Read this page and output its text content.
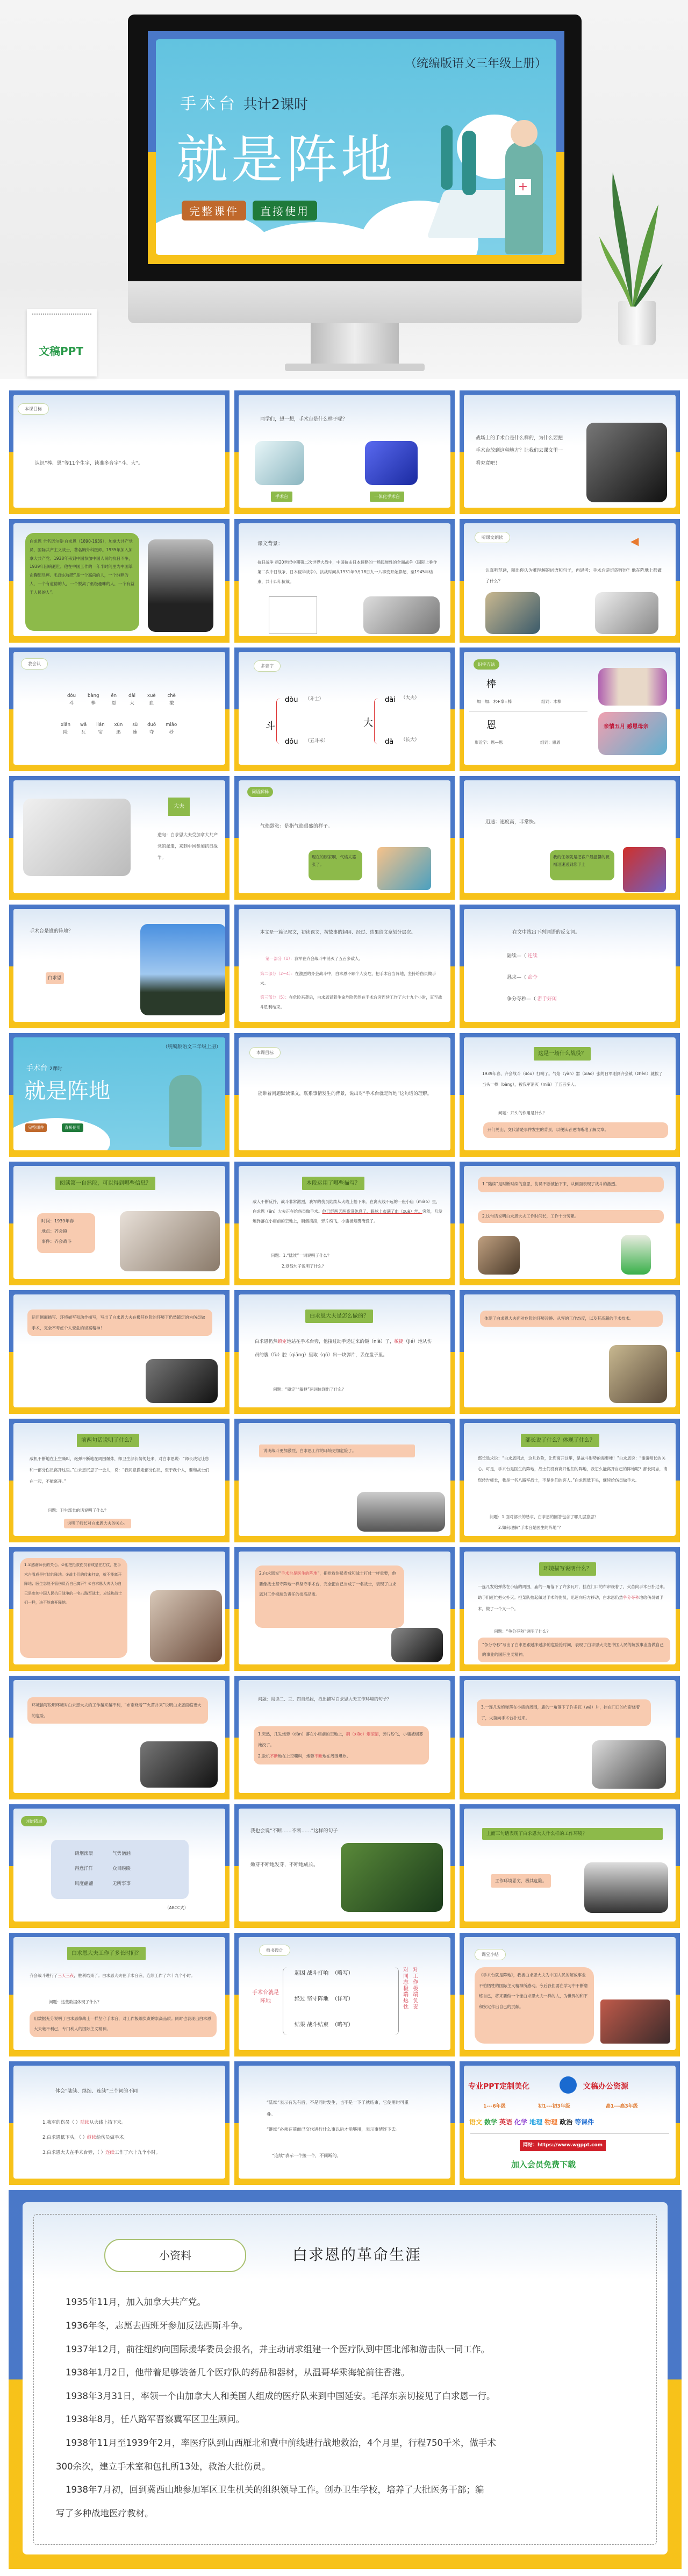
（统编版语文三年级上册）
手术台 共计2课时
就是阵地
完整课件	直接使用
+
文稿PPT
本课目标
认识“棒、恩”等11个生字，读准多音字“斗、大”。
同学们，想一想，手术台是什么样子呢？
手术台	一体化手术台
战场上的手术台是什么样的，为什么要把手术台放到这种地方？让我们去课文里一看究竟吧！
白求恩 全名诺尔曼·白求恩（1890-1939），加拿大共产党员，国际共产主义战士，著名胸外科医师。1935年加入加拿大共产党。1938年来到中国参加中国人民的抗日斗争，1939年因病逝世。他在中国工作的一年半时间里为中国革命鞠躬尽瘁。毛泽东称赞“是一个高尚的人，一个纯粹的人，一个有道德的人，一个脱离了低级趣味的人，一个有益于人民的人”。
课文背景：
抗日战争 指20世纪中期第二次世界大战中，中国抗击日本侵略的一场民族性的全面战争（国际上称作第二次中日战争、日本侵华战争）。抗战时间从1931年9月18日九一八事变开始算起，至1945年结束，共十四年抗战。
听课文朗读	◀
认真听范读，圈出你认为难理解的词语和句子，再思考：手术台是谁的阵地？他在阵地上都做了什么？
我会认
dòu
斗
bàng
棒
ēn
恩
dài
大
xuè
血
chè
撤
xiǎn
险
wǎ
瓦
lián
帘
xùn
迅
sù
速
duó
夺
miǎo
秒
多音字
斗
dòu （斗士）
dǒu （五斗米）
大
dài （大夫）
dà （长大）
识字方法
棒
加一加：木+奉=棒	组词：木棒
恩
形近字：恩—思	组词：感恩
亲情五月 感恩母亲
大夫
造句：白求恩大夫受加拿大共产党的派遣，来到中国参加抗日战争。
词语解释
气焰嚣张：是指气焰很盛的样子。
现在的厨家啊，气焰太嚣张了。
迅速：速度高，非常快。
我的任务就是把客户最温馨的祝福迅速送到您手上
手术台是谁的阵地？
白求恩
本文是一篇记叙文，初读课文，按故事的起因、经过、结果给文章划分层次。
第一部分（1）：我军在齐会战斗中消灭了五百多敌人。
第二部分（2~4）：在激烈的齐会战斗中，白求恩不顾个人安危，把手术台当阵地，坚持给伤员做手术。
第三部分（5）：在危险来袭后，白求恩冒着生命危险仍然在手术台旁连续工作了六十九个小时，直至战斗胜利结束。
在文中找出下列词语的反义词。
陆续—（ 连续
恳求—（ 命令
争分夺秒—（ 游手好闲
（统编版语文三年级上册）
手术台 2课时
就是阵地
完整课件	直接使用
本课目标
能带着问题默读课文，联系事情发生的背景，说出对“手术台就是阵地”这句话的理解。
这是一场什么战役？
1939年春，齐会战斗（dòu）打响了。气焰（yàn）嚣（xiāo）张的日军刚到齐会镇（zhèn）就挨了当头一棒（bàng），被我军消灭（miè）了五百多人。
问题：开头的作用是什么？
开门见山，交代清楚事件发生的背景，以便读者更清晰地了解文章。
阅读第一自然段，可以得到哪些信息？
时间：1939年春
地点：齐会镇
事件：齐会战斗
本段运用了哪些描写？
敌人不断反扑，战斗非常激烈，我军的伤员陆续从火线上抬下来。在离火线不远的一座小庙（miào）里，白求恩（ēn）大夫正在给伤员做手术。他已经两天两夜没休息了，眼球上布满了血（xuè）丝。突然，几发炮弹落在小庙前的空地上，硝烟滚滚，弹片纷飞，小庙被烟雾淹没了。
问题：1.“陆续”一词说明了什么？
2.划线句子说明了什么？
1.“陆续”是时断时续的意思，伤员不断被抬下来，从侧面表现了战斗的激烈。
2.这句话说明白求恩大夫工作时间长，工作十分劳累。
运用侧面描写、环境描写和动作描写，写出了白求恩大夫在极其危险的环境下仍然镇定的为伤员做手术，完全不考虑个人安危的崇高精神！
白求恩大夫是怎么做的？
白求恩仍然镇定地站在手术台旁，他接过助手递过来的镊（niè）子，敏捷（jié）地从伤员的腹（fù）腔（qiāng）里取（qǔ）出一块弹片，丢在盘子里。
问题：“镇定”“敏捷”两词体现出了什么？
体现了白求恩大夫面对危险的环境冷静、从容的工作态度，以及其高超的手术技术。
前两句话说明了什么？
敌机不断地在上空嘶叫，炮弹不断地在周围爆炸，师卫生部长匆匆赶来，对白求恩说：“师长决定让您和一部分伤员离开这里。”白求恩沉思了一会儿，说：“我同意撤走部分伤员，至于我个人，要和战士们在一起，不能离开。”
问题：卫生部长的话说明了什么？
说明了师长对白求恩大夫的关心。
说明战斗更加激烈，白求恩工作的环境更加危险了。
部长说了什么？体现了什么？
部长恳求说：“白求恩同志，这儿危险，让您离开这里，是战斗形势的需要哇！”白求恩说：“谢谢师长的关心。可是，手术台是医生的阵地，战士们没有离开他们的阵地，我怎么能离开自己的阵地呢？部长同志，请您转告师长，我是一名八路军战士，不是你们的客人。”白求恩低下头，继续给伤员做手术。
问题：1.面对部长的恳求，白求恩的回答包含了哪几层意思？
2.如何理解“手术台是医生的阵地”？
1.①感谢师长的关心。②他把抢救伤员看成是在打仗，把手术台看成是打仗的阵地。③战士们的仗未打完，就不能离开阵地；医生怎能不管伤员而自己离开？④白求恩大夫认为自己是参加中国人民抗日战争的一名八路军战士，应该和战士们一样，决不能离开阵地。
2.白求恩说“手术台是医生的阵地”，把抢救伤员看成和战士打仗一样重要，他要像战士坚守阵地一样坚守手术台，完全把自己当成了一名战士，表现了白求恩对工作极端负责任的崇高品质。
环境描写说明什么？
一连几发炮弹落在小庙的周围，庙的一角落下了许多瓦片，挂在门口的布帘烧着了，火苗向手术台扑过来。助手们赶忙把火扑灭。担架队抬起做过手术的伤员，迅速向后方移动，白求恩仍然争分夺秒地给伤员做手术，做了一个又一个。
问题：“争分夺秒”说明了什么？
“争分夺秒”写出了白求恩跟越来越多的危险抢时间，表现了白求恩大夫把中国人民的解放事业当做自己的事业的国际主义精神。
环境描写说明环境对白求恩大夫的工作越来越不利，“布帘烧着”“火苗扑来”说明白求恩面临更大的危险。
问题：阅读二、三、四自然段，找出描写白求恩大夫工作环境的句子？
1.突然，几发炮弹（dàn）落在小庙前的空地上，硝（xiāo）烟滚滚，弹片纷飞，小庙被烟雾淹没了。
2.敌机不断地在上空嘶叫，炮弹不断地在周围爆炸。
3.一连几发炮弹落在小庙的周围，庙的一角落下了许多瓦（wǎ）片，挂在门口的布帘烧着了，火苗向手术台扑过来。
词语拓展
硝烟滚滚	气势汹汹
得意洋洋	众目睽睽
风度翩翩	无所事事
（ABCC式）
我也会说“不断……不断……”这样的句子
嫩芽不断地发芽，不断地成长。
上面三句话表现了白求恩大夫什么样的工作环境？
工作环境恶劣，极其危险。
白求恩大夫工作了多长时间？
齐会战斗进行了三天三夜，胜利结束了。白求恩大夫在手术台旁，连续工作了六十九个小时。
问题：这些数据体现了什么？
用数据充分说明了白求恩像战士一样坚守手术台，对工作极端负责的崇高品质。同时也表现出白求恩大夫毫不利己，专门利人的国际主义精神。
板书设计
手术台就是阵地
起因 战斗打响 （略写）
经过 坚守阵地 （详写）
结果 战斗结束 （略写）
对同志极端热忱
对工作极端负责
课堂小结
《手术台就是阵地》，我被白求恩大夫为中国人民的解放事业不怕牺牲的国际主义精神所感动。今后我们要在学习中不断磨练自己，将来要做一个像白求恩大夫一样的人，为世界的和平和安定作出自己的贡献。
体会“陆续、继续、连续”三个词的不同
1.我军的伤员（ ）陆续从火线上抬下来。
2.白求恩低下头，（ ）继续给伤员做手术。
3.白求恩大夫在手术台旁，（ ）连续工作了六十九个小时。
“陆续”表示有先有后，不是同时发生，也不是一下子就结束，它使用时可重叠。
“继续”必须在前面已交代进行什么事以后才能够用，表示事情连下去。
“连续”表示一个接一个，不间断的。
专业PPT定制美化	文稿办公资源
1---6年级	初1---初3年级	高1---高3年级
语文 数学 英语 化学 地理 物理 政治 等课件
网站：https://www.wgppt.com
加入会员免费下载
小资料	白求恩的革命生涯
1935年11月，加入加拿大共产党。
1936年冬，志愿去西班牙参加反法西斯斗争。
1937年12月，前往纽约向国际援华委员会报名，并主动请求组建一个医疗队到中国北部和游击队一同工作。
1938年1月2日，他带着足够装备几个医疗队的药品和器材，从温哥华乘海轮前往香港。
1938年3月31日，率领一个由加拿大人和美国人组成的医疗队来到中国延安。毛泽东亲切接见了白求恩一行。
1938年8月，任八路军晋察冀军区卫生顾问。
1938年11月至1939年2月，率医疗队到山西雁北和冀中前线进行战地救治，4个月里，行程750千米，做手术
300余次，建立手术室和包扎所13处，救治大批伤员。
1938年7月初，回到冀西山地参加军区卫生机关的组织领导工作。创办卫生学校，培养了大批医务干部；编
写了多种战地医疗教材。
